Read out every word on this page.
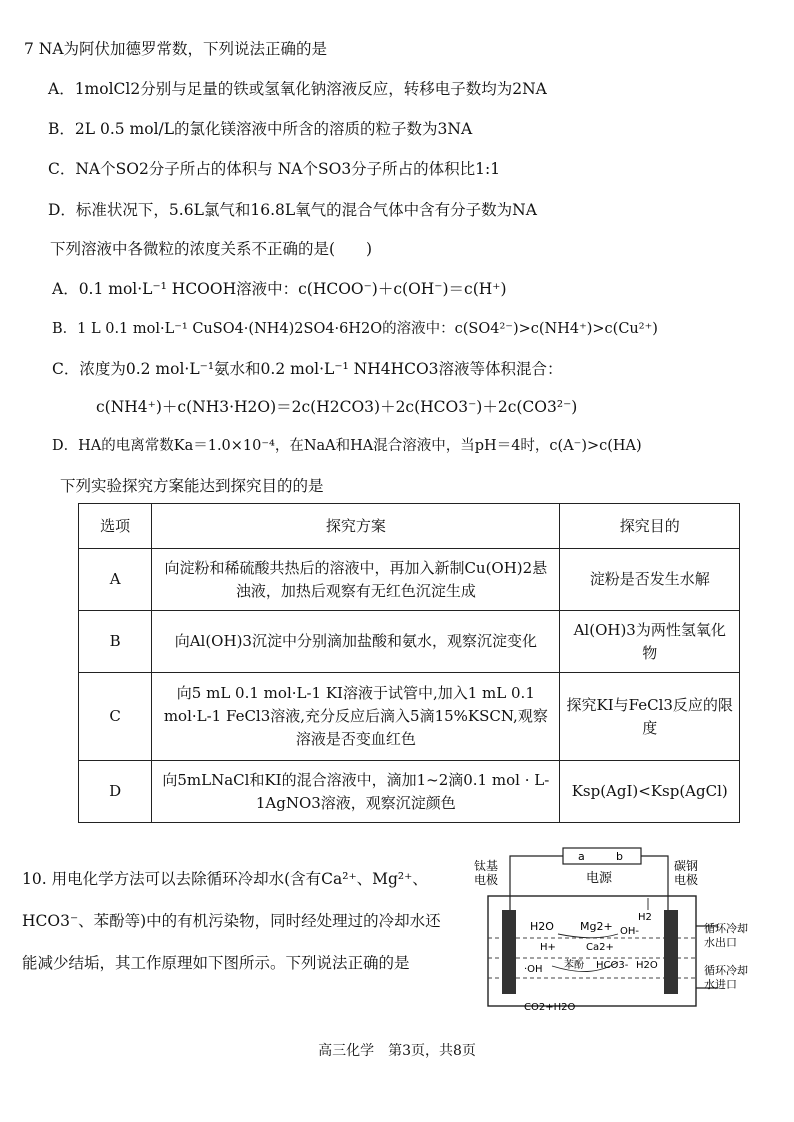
7 NA为阿伏加德罗常数，下列说法正确的是
A．1molCl2分别与足量的铁或氢氧化钠溶液反应，转移电子数均为2NA
B．2L 0.5 mol/L的氯化镁溶液中所含的溶质的粒子数为3NA
C．NA个SO2分子所占的体积与 NA个SO3分子所占的体积比1:1
D．标准状况下，5.6L氯气和16.8L氧气的混合气体中含有分子数为NA
下列溶液中各微粒的浓度关系不正确的是(　　)
A．0.1 mol·L⁻¹ HCOOH溶液中：c(HCOO⁻)＋c(OH⁻)＝c(H⁺)
B．1 L 0.1 mol·L⁻¹ CuSO4·(NH4)2SO4·6H2O的溶液中：c(SO4²⁻)>c(NH4⁺)>c(Cu²⁺)
C．浓度为0.2 mol·L⁻¹氨水和0.2 mol·L⁻¹ NH4HCO3溶液等体积混合：
c(NH4⁺)＋c(NH3·H2O)＝2c(H2CO3)＋2c(HCO3⁻)＋2c(CO3²⁻)
D．HA的电离常数Ka＝1.0×10⁻⁴，在NaA和HA混合溶液中，当pH＝4时，c(A⁻)>c(HA)
下列实验探究方案能达到探究目的的是
选项	探究方案	探究目的
A	向淀粉和稀硫酸共热后的溶液中，再加入新制Cu(OH)2悬浊液，加热后观察有无红色沉淀生成	淀粉是否发生水解
B	向Al(OH)3沉淀中分别滴加盐酸和氨水，观察沉淀变化	Al(OH)3为两性氢氧化物
C	向5 mL 0.1 mol·L-1 KI溶液于试管中,加入1 mL 0.1 mol·L-1 FeCl3溶液,充分反应后滴入5滴15%KSCN,观察溶液是否变血红色	探究KI与FeCl3反应的限度
D	向5mLNaCl和KI的混合溶液中，滴加1~2滴0.1 mol · L-1AgNO3溶液，观察沉淀颜色	Ksp(AgI)<Ksp(AgCl)
10. 用电化学方法可以去除循环冷却水(含有Ca²⁺、Mg²⁺、HCO3⁻、苯酚等)中的有机污染物，同时经处理过的冷却水还能减少结垢，其工作原理如下图所示。下列说法正确的是
a	b
电源
钛基电极
碳钢电极
H2O Mg2+
H2
OH-
H+	Ca2+
·OH 苯酚 HCO3- H2O
CO2+H2O
循环冷却水出口
循环冷却水进口
高三化学　第3页，共8页
